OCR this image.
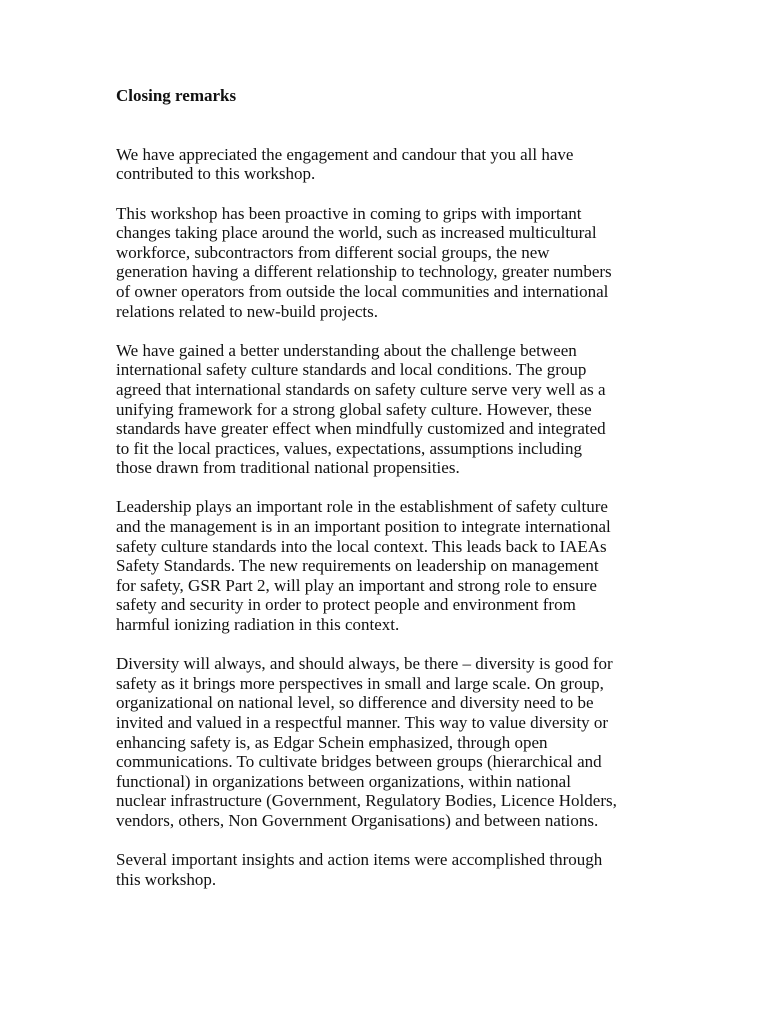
Closing remarks

We have appreciated the engagement and candour that you all have
contributed to this workshop.

This workshop has been proactive in coming to grips with important
changes taking place around the world, such as increased multicultural
workforce, subcontractors from different social groups, the new
generation having a different relationship to technology, greater numbers
of owner operators from outside the local communities and international
relations related to new-build projects.

We have gained a better understanding about the challenge between
international safety culture standards and local conditions. The group
agreed that international standards on safety culture serve very well as a
unifying framework for a strong global safety culture. However, these
standards have greater effect when mindfully customized and integrated
to fit the local practices, values, expectations, assumptions including
those drawn from traditional national propensities.

Leadership plays an important role in the establishment of safety culture
and the management is in an important position to integrate international
safety culture standards into the local context. This leads back to IAEAs
Safety Standards. The new requirements on leadership on management
for safety, GSR Part 2, will play an important and strong role to ensure
safety and security in order to protect people and environment from
harmful ionizing radiation in this context.

Diversity will always, and should always, be there – diversity is good for
safety as it brings more perspectives in small and large scale. On group,
organizational on national level, so difference and diversity need to be
invited and valued in a respectful manner. This way to value diversity or
enhancing safety is, as Edgar Schein emphasized, through open
communications. To cultivate bridges between groups (hierarchical and
functional) in organizations between organizations, within national
nuclear infrastructure (Government, Regulatory Bodies, Licence Holders,
vendors, others, Non Government Organisations) and between nations.

Several important insights and action items were accomplished through
this workshop.
